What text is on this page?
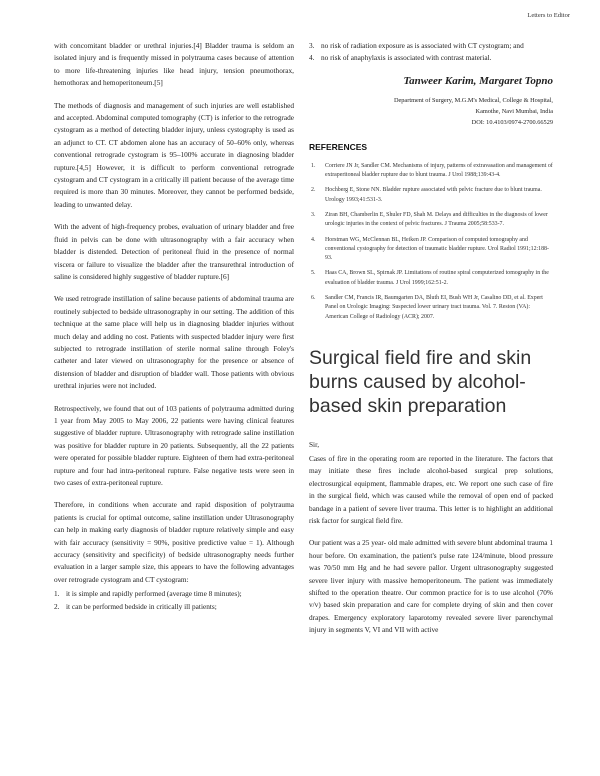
Letters to Editor

with concomitant bladder or urethral injuries.[4] Bladder trauma is seldom an isolated injury and is frequently missed in polytrauma cases because of attention to more life-threatening injuries like head injury, tension pneumothorax, hemothorax and hemoperitoneum.[5]

The methods of diagnosis and management of such injuries are well established and accepted. Abdominal computed tomography (CT) is inferior to the retrograde cystogram as a method of detecting bladder injury, unless cystography is used as an adjunct to CT. CT abdomen alone has an accuracy of 50–60% only, whereas conventional retrograde cystogram is 95–100% accurate in diagnosing bladder rupture.[4,5] However, it is difficult to perform conventional retrograde cystogram and CT cystogram in a critically ill patient because of the average time required is more than 30 minutes. Moreover, they cannot be performed bedside, leading to unwanted delay.

With the advent of high-frequency probes, evaluation of urinary bladder and free fluid in pelvis can be done with ultrasonography with a fair accuracy when bladder is distended. Detection of peritoneal fluid in the presence of normal viscera or failure to visualize the bladder after the transurethral introduction of saline is considered highly suggestive of bladder rupture.[6]

We used retrograde instillation of saline because patients of abdominal trauma are routinely subjected to bedside ultrasonography in our setting. The addition of this technique at the same place will help us in diagnosing bladder injuries without much delay and adding no cost. Patients with suspected bladder injury were first subjected to retrograde instillation of sterile normal saline through Foley's catheter and later viewed on ultrasonography for the presence or absence of distension of bladder and disruption of bladder wall. Those patients with obvious urethral injuries were not included.

Retrospectively, we found that out of 103 patients of polytrauma admitted during 1 year from May 2005 to May 2006, 22 patients were having clinical features suggestive of bladder rupture. Ultrasonography with retrograde saline instillation was positive for bladder rupture in 20 patients. Subsequently, all the 22 patients were operated for possible bladder rupture. Eighteen of them had extra-peritoneal rupture and four had intra-peritoneal rupture. False negative tests were seen in two cases of extra-peritoneal rupture.

Therefore, in conditions when accurate and rapid disposition of polytrauma patients is crucial for optimal outcome, saline instillation under Ultrasonography can help in making early diagnosis of bladder rupture relatively simple and easy with fair accuracy (sensitivity = 90%, positive predictive value = 1). Although accuracy (sensitivity and specificity) of bedside ultrasonography needs further evaluation in a larger sample size, this appears to have the following advantages over retrograde cystogram and CT cystogram:

1. it is simple and rapidly performed (average time 8 minutes);
2. it can be performed bedside in critically ill patients;
3. no risk of radiation exposure as is associated with CT cystogram; and
4. no risk of anaphylaxis is associated with contrast material.
Tanweer Karim, Margaret Topno
Department of Surgery, M.G.M's Medical, College & Hospital,
Kamothe, Navi Mumbai, India
DOI: 10.4103/0974-2700.66529
REFERENCES
1. Corriere JN Jr, Sandler CM. Mechanisms of injury, patterns of extravasation and management of extraperitoneal bladder rupture due to blunt trauma. J Urol 1988;139:43-4.
2. Hochberg E, Stone NN. Bladder rupture associated with pelvic fracture due to blunt trauma. Urology 1993;41:531-3.
3. Ziran BH, Chamberlin E, Shuler FD, Shah M. Delays and difficulties in the diagnosis of lower urologic injuries in the context of pelvic fractures. J Trauma 2005;58:533-7.
4. Horstman WG, McClennan BL, Heiken JP. Comparison of computed tomography and conventional cystography for detection of traumatic bladder rupture. Urol Radiol 1991;12:188-93.
5. Haas CA, Brown SL, Spirnak JP. Limitations of routine spiral computerized tomography in the evaluation of bladder trauma. J Urol 1999;162:51-2.
6. Sandler CM, Francis IR, Baumgarten DA, Bluth EI, Bush WH Jr, Casalino DD, et al. Expert Panel on Urologic Imaging: Suspected lower urinary tract trauma. Vol. 7. Reston (VA): American College of Radiology (ACR); 2007.
Surgical field fire and skin burns caused by alcohol-based skin preparation
Sir,

Cases of fire in the operating room are reported in the literature. The factors that may initiate these fires include alcohol-based surgical prep solutions, electrosurgical equipment, flammable drapes, etc. We report one such case of fire in the surgical field, which was caused while the removal of open end of packed bandage in a patient of severe liver trauma. This letter is to highlight an additional risk factor for surgical field fire.

Our patient was a 25 year- old male admitted with severe blunt abdominal trauma 1 hour before. On examination, the patient's pulse rate 124/minute, blood pressure was 70/50 mm Hg and he had severe pallor. Urgent ultrasonography suggested severe liver injury with massive hemoperitoneum. The patient was immediately shifted to the operation theatre. Our common practice for is to use alcohol (70% v/v) based skin preparation and care for complete drying of skin and then cover drapes. Emergency exploratory laparotomy revealed severe liver parenchymal injury in segments V, VI and VII with active
